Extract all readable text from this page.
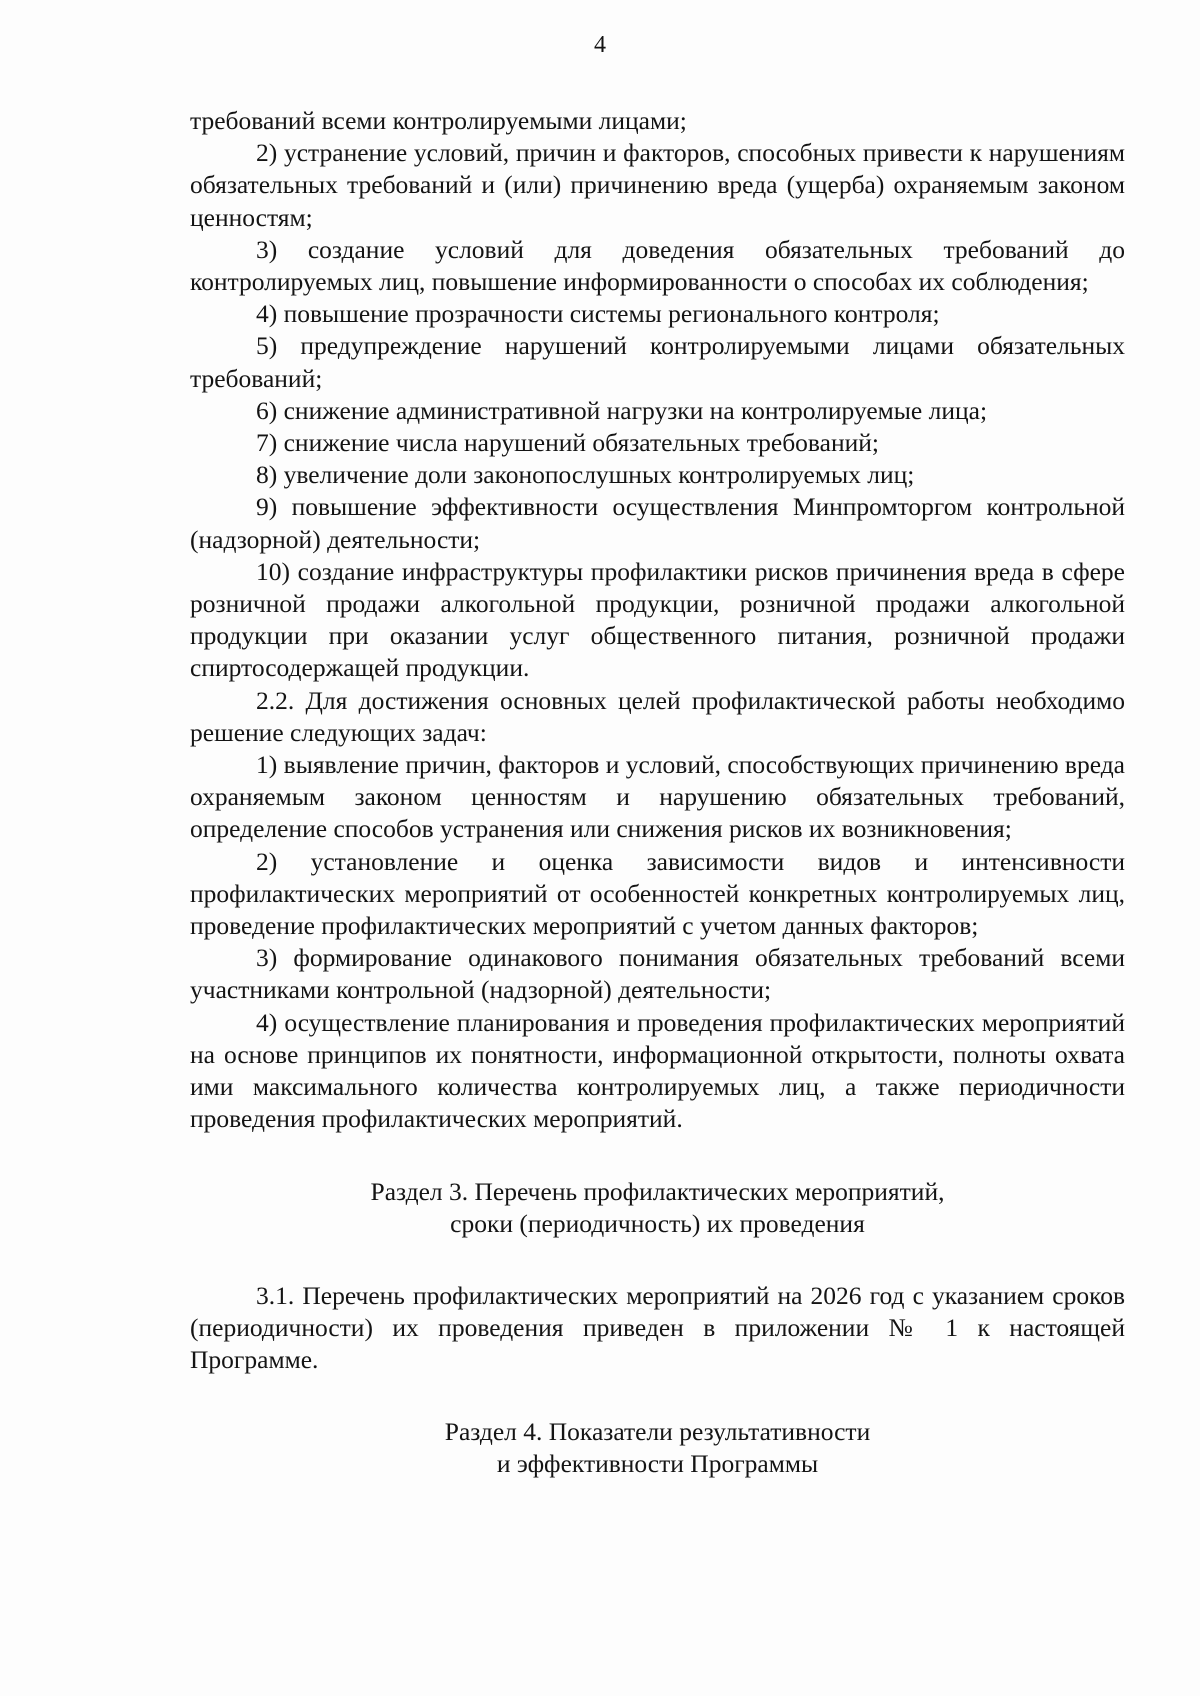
4

требований всеми контролируемыми лицами;

2) устранение условий, причин и факторов, способных привести к нарушениям обязательных требований и (или) причинению вреда (ущерба) охраняемым законом ценностям;

3) создание условий для доведения обязательных требований до контролируемых лиц, повышение информированности о способах их соблюдения;

4) повышение прозрачности системы регионального контроля;

5) предупреждение нарушений контролируемыми лицами обязательных требований;

6) снижение административной нагрузки на контролируемые лица;

7) снижение числа нарушений обязательных требований;

8) увеличение доли законопослушных контролируемых лиц;

9) повышение эффективности осуществления Минпромторгом контрольной (надзорной) деятельности;

10) создание инфраструктуры профилактики рисков причинения вреда в сфере розничной продажи алкогольной продукции, розничной продажи алкогольной продукции при оказании услуг общественного питания, розничной продажи спиртосодержащей продукции.

2.2. Для достижения основных целей профилактической работы необходимо решение следующих задач:

1) выявление причин, факторов и условий, способствующих причинению вреда охраняемым законом ценностям и нарушению обязательных требований, определение способов устранения или снижения рисков их возникновения;

2) установление и оценка зависимости видов и интенсивности профилактических мероприятий от особенностей конкретных контролируемых лиц, проведение профилактических мероприятий с учетом данных факторов;

3) формирование одинакового понимания обязательных требований всеми участниками контрольной (надзорной) деятельности;

4) осуществление планирования и проведения профилактических мероприятий на основе принципов их понятности, информационной открытости, полноты охвата ими максимального количества контролируемых лиц, а также периодичности проведения профилактических мероприятий.

Раздел 3. Перечень профилактических мероприятий,

сроки (периодичность) их проведения

3.1. Перечень профилактических мероприятий на 2026 год с указанием сроков (периодичности) их проведения приведен в приложении № 1 к настоящей Программе.

Раздел 4. Показатели результативности

и эффективности Программы
